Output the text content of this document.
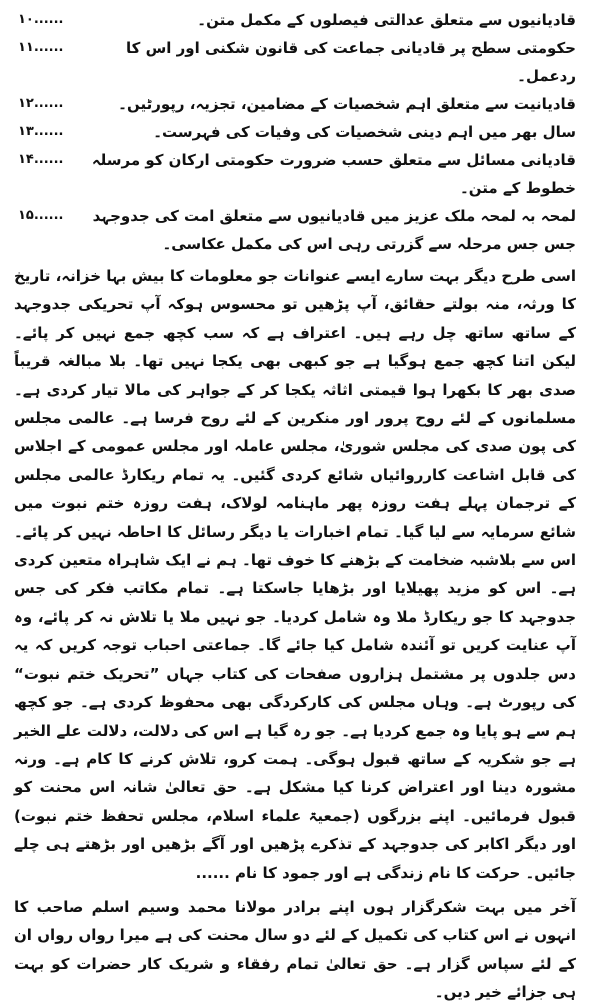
قادیانیوں سے متعلق عدالتی فیصلوں کے مکمل متن۔
۱۰......
حکومتی سطح پر قادیانی جماعت کی قانون شکنی اور اس کا ردعمل۔
۱۱......
قادیانیت سے متعلق اہم شخصیات کے مضامین، تجزیہ، رپورٹیں۔
۱۲......
سال بھر میں اہم دینی شخصیات کی وفیات کی فہرست۔
۱۳......
قادیانی مسائل سے متعلق حسب ضرورت حکومتی ارکان کو مرسلہ خطوط کے متن۔
۱۴......
لمحہ بہ لمحہ ملک عزیز میں قادیانیوں سے متعلق امت کی جدوجہد جس جس مرحلہ سے گزرتی رہی اس کی مکمل عکاسی۔
۱۵......

اسی طرح دیگر بہت سارے ایسے عنوانات جو معلومات کا بیش بہا خزانہ، تاریخ کا ورثہ، منہ بولتے حقائق، آپ پڑھیں تو محسوس ہوکہ آپ تحریکی جدوجہد کے ساتھ ساتھ چل رہے ہیں۔ اعتراف ہے کہ سب کچھ جمع نہیں کر پائے۔ لیکن اتنا کچھ جمع ہوگیا ہے جو کبھی بھی یکجا نہیں تھا۔ بلا مبالغہ قریباً صدی بھر کا بکھرا ہوا قیمتی اثاثہ یکجا کر کے جواہر کی مالا تیار کردی ہے۔ مسلمانوں کے لئے روح پرور اور منکرین کے لئے روح فرسا ہے۔ عالمی مجلس کی پون صدی کی مجلس شوریٰ، مجلس عاملہ اور مجلس عمومی کے اجلاس کی قابل اشاعت کارروائیاں شائع کردی گئیں۔ یہ تمام ریکارڈ عالمی مجلس کے ترجمان پہلے ہفت روزہ پھر ماہنامہ لولاک، ہفت روزہ ختم نبوت میں شائع سرمایہ سے لیا گیا۔ تمام اخبارات یا دیگر رسائل کا احاطہ نہیں کر پائے۔ اس سے بلاشبہ ضخامت کے بڑھنے کا خوف تھا۔ ہم نے ایک شاہراہ متعین کردی ہے۔ اس کو مزید پھیلایا اور بڑھایا جاسکتا ہے۔ تمام مکاتب فکر کی جس جدوجہد کا جو ریکارڈ ملا وہ شامل کردیا۔ جو نہیں ملا یا تلاش نہ کر پائے، وہ آپ عنایت کریں تو آئندہ شامل کیا جائے گا۔ جماعتی احباب توجہ کریں کہ یہ دس جلدوں پر مشتمل ہزاروں صفحات کی کتاب جہاں ”تحریک ختم نبوت“ کی رپورٹ ہے۔ وہاں مجلس کی کارکردگی بھی محفوظ کردی ہے۔ جو کچھ ہم سے ہو پایا وہ جمع کردیا ہے۔ جو رہ گیا ہے اس کی دلالت، دلالت علے الخیر ہے جو شکریہ کے ساتھ قبول ہوگی۔ ہمت کرو، تلاش کرنے کا کام ہے۔ ورنہ مشورہ دینا اور اعتراض کرنا کیا مشکل ہے۔ حق تعالیٰ شانہ اس محنت کو قبول فرمائیں۔ اپنے بزرگوں (جمعیۃ علماء اسلام، مجلس تحفظ ختم نبوت) اور دیگر اکابر کی جدوجہد کے تذکرے پڑھیں اور آگے بڑھیں اور بڑھتے ہی چلے جائیں۔ حرکت کا نام زندگی ہے اور جمود کا نام ......

آخر میں بہت شکرگزار ہوں اپنے برادر مولانا محمد وسیم اسلم صاحب کا انہوں نے اس کتاب کی تکمیل کے لئے دو سال محنت کی ہے میرا رواں رواں ان کے لئے سپاس گزار ہے۔ حق تعالیٰ تمام رفقاء و شریک کار حضرات کو بہت ہی جزائے خیر دیں۔
